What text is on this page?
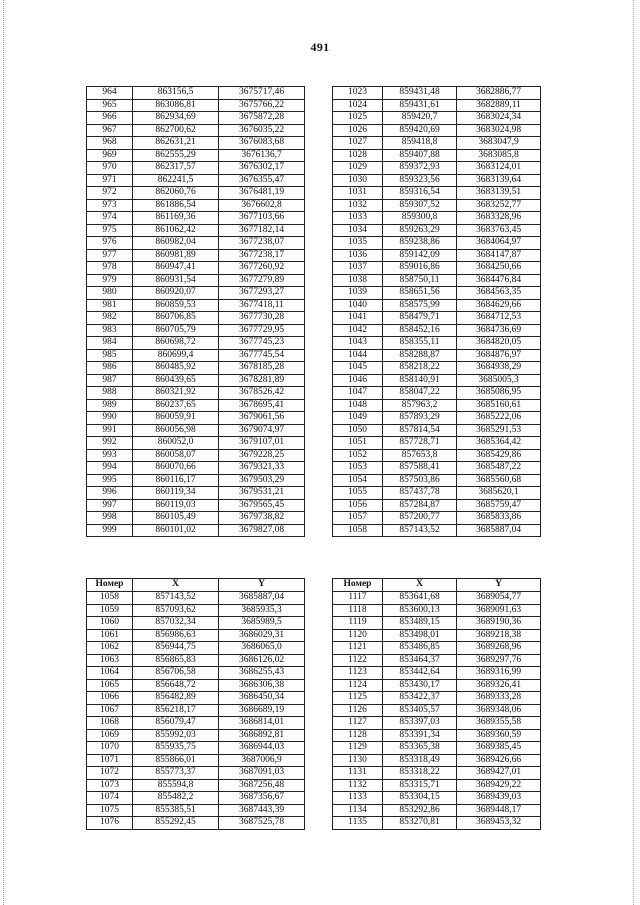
491
964	863156,5	3675717,46
965	863086,81	3675766,22
966	862934,69	3675872,28
967	862700,62	3676035,22
968	862631,21	3676083,68
969	862555,29	3676136,7
970	862317,57	3676302,17
971	862241,5	3676355,47
972	862060,76	3676481,19
973	861886,54	3676602,8
974	861169,36	3677103,66
975	861062,42	3677182,14
976	860982,04	3677238,07
977	860981,89	3677238,17
978	860947,41	3677260,92
979	860931,54	3677279,89
980	860920,07	3677293,27
981	860859,53	3677418,11
982	860706,85	3677730,28
983	860705,79	3677729,95
984	860698,72	3677745,23
985	860699,4	3677745,54
986	860485,92	3678185,28
987	860439,65	3678281,89
988	860321,92	3678526,42
989	860237,65	3678695,41
990	860059,91	3679061,56
991	860056,98	3679074,97
992	860052,0	3679107,01
993	860058,07	3679228,25
994	860070,66	3679321,33
995	860116,17	3679503,29
996	860119,34	3679531,21
997	860119,03	3679565,45
998	860105,49	3679738,82
999	860101,02	3679827,08
1023	859431,48	3682886,77
1024	859431,61	3682889,11
1025	859420,7	3683024,34
1026	859420,69	3683024,98
1027	859418,8	3683047,9
1028	859407,88	3683085,8
1029	859372,93	3683124,01
1030	859323,56	3683139,64
1031	859316,54	3683139,51
1032	859307,52	3683252,77
1033	859300,8	3683328,96
1034	859263,29	3683763,45
1035	859238,86	3684064,97
1036	859142,09	3684147,87
1037	859016,86	3684250,66
1038	858750,11	3684476,84
1039	858651,56	3684563,35
1040	858575,99	3684629,66
1041	858479,71	3684712,53
1042	858452,16	3684736,69
1043	858355,11	3684820,05
1044	858288,87	3684876,97
1045	858218,22	3684938,29
1046	858140,91	3685005,3
1047	858047,22	3685086,95
1048	857963,2	3685160,61
1049	857893,29	3685222,06
1050	857814,54	3685291,53
1051	857728,71	3685364,42
1052	857653,8	3685429,86
1053	857588,41	3685487,22
1054	857503,86	3685560,68
1055	857437,78	3685620,1
1056	857284,87	3685759,47
1057	857200,77	3685833,86
1058	857143,52	3685887,04
Номер	X	Y
1058	857143,52	3685887,04
1059	857093,62	3685935,3
1060	857032,34	3685989,5
1061	856986,63	3686029,31
1062	856944,75	3686065,0
1063	856865,83	3686126,02
1064	856706,58	3686255,43
1065	856648,72	3686306,38
1066	856482,89	3686450,34
1067	856218,17	3686689,19
1068	856079,47	3686814,01
1069	855992,03	3686892,81
1070	855935,75	3686944,03
1071	855866,01	3687006,9
1072	855773,37	3687091,03
1073	855594,8	3687256,48
1074	855482,2	3687356,67
1075	855385,51	3687443,39
1076	855292,45	3687525,78
Номер	X	Y
1117	853641,68	3689054,77
1118	853600,13	3689091,63
1119	853489,15	3689190,36
1120	853498,01	3689218,38
1121	853486,85	3689268,96
1122	853464,37	3689297,76
1123	853442,64	3689316,99
1124	853430,17	3689326,41
1125	853422,37	3689333,28
1126	853405,57	3689348,06
1127	853397,03	3689355,58
1128	853391,34	3689360,59
1129	853365,38	3689385,45
1130	853318,49	3689426,66
1131	853318,22	3689427,01
1132	853315,71	3689429,22
1133	853304,15	3689439,03
1134	853292,86	3689448,17
1135	853270,81	3689453,32
